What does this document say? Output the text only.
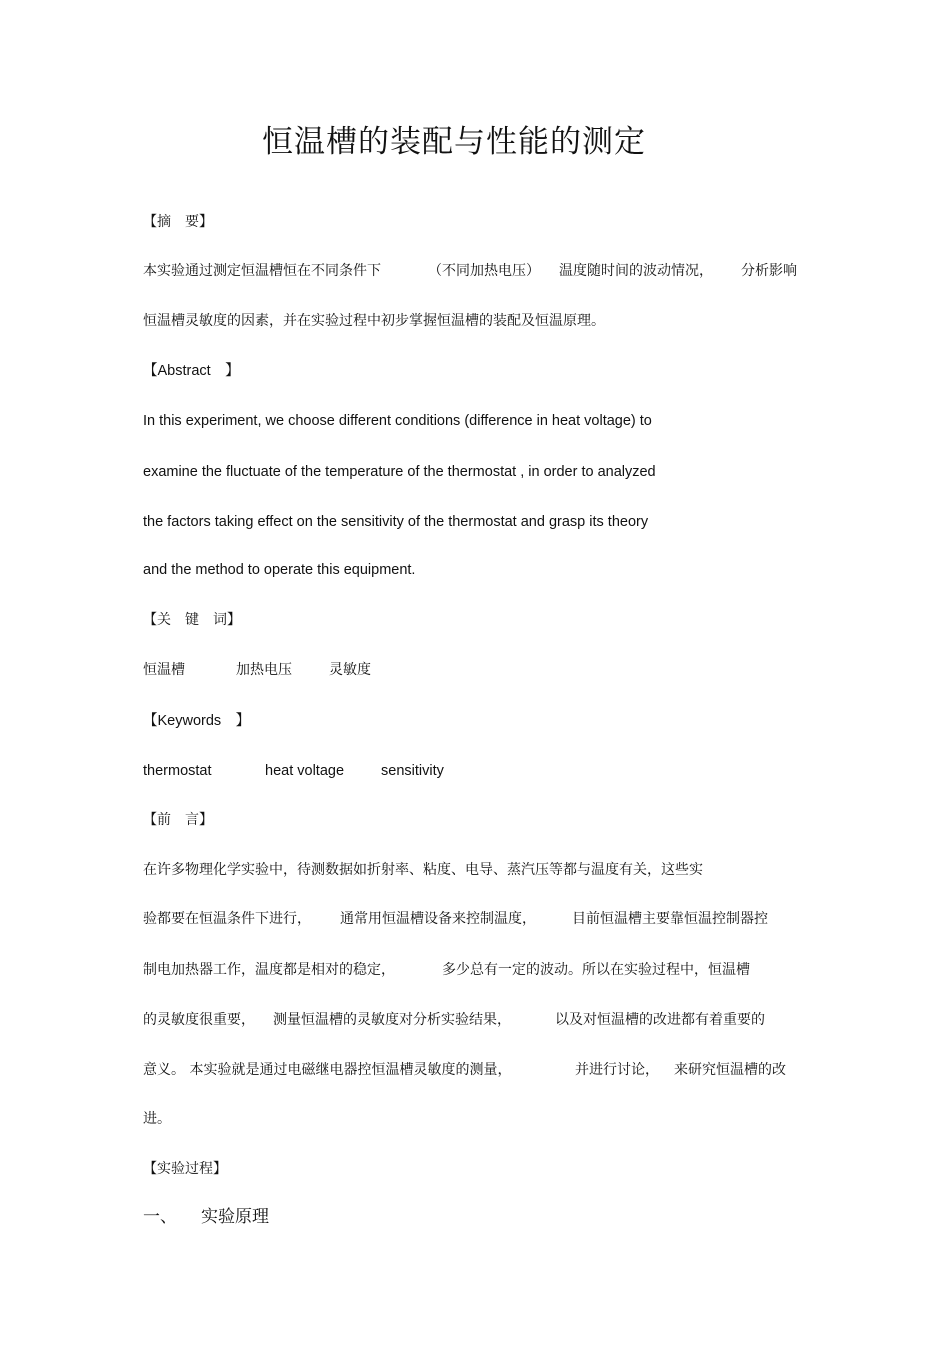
恒温槽的装配与性能的测定
【摘　要】

本实验通过测定恒温槽恒在不同条件下

	（不同加热电压）

温度随时间的波动情况，

分析影响

恒温槽灵敏度的因素，并在实验过程中初步掌握恒温槽的装配及恒温原理。
【Abstract　】
In this experiment, we choose different conditions (difference in heat voltage) to
examine the fluctuate of the temperature of the thermostat , in order to analyzed
the factors taking effect on the sensitivity of the thermostat and grasp its theory
and the method to operate this equipment.
【关　键　词】

恒温槽

	加热电压

	灵敏度

【Keywords　】

thermostat

	heat voltage

	sensitivity

【前　言】
在许多物理化学实验中，待测数据如折射率、粘度、电导、蒸汽压等都与温度有关，这些实

验都要在恒温条件下进行，

通常用恒温槽设备来控制温度，

	目前恒温槽主要靠恒温控制器控

制电加热器工作，温度都是相对的稳定，

	多少总有一定的波动。所以在实验过程中，恒温槽

的灵敏度很重要，

测量恒温槽的灵敏度对分析实验结果，

	以及对恒温槽的改进都有着重要的

意义。 本实验就是通过电磁继电器控恒温槽灵敏度的测量，

	并进行讨论，

来研究恒温槽的改

进。
【实验过程】

一、

实验原理
